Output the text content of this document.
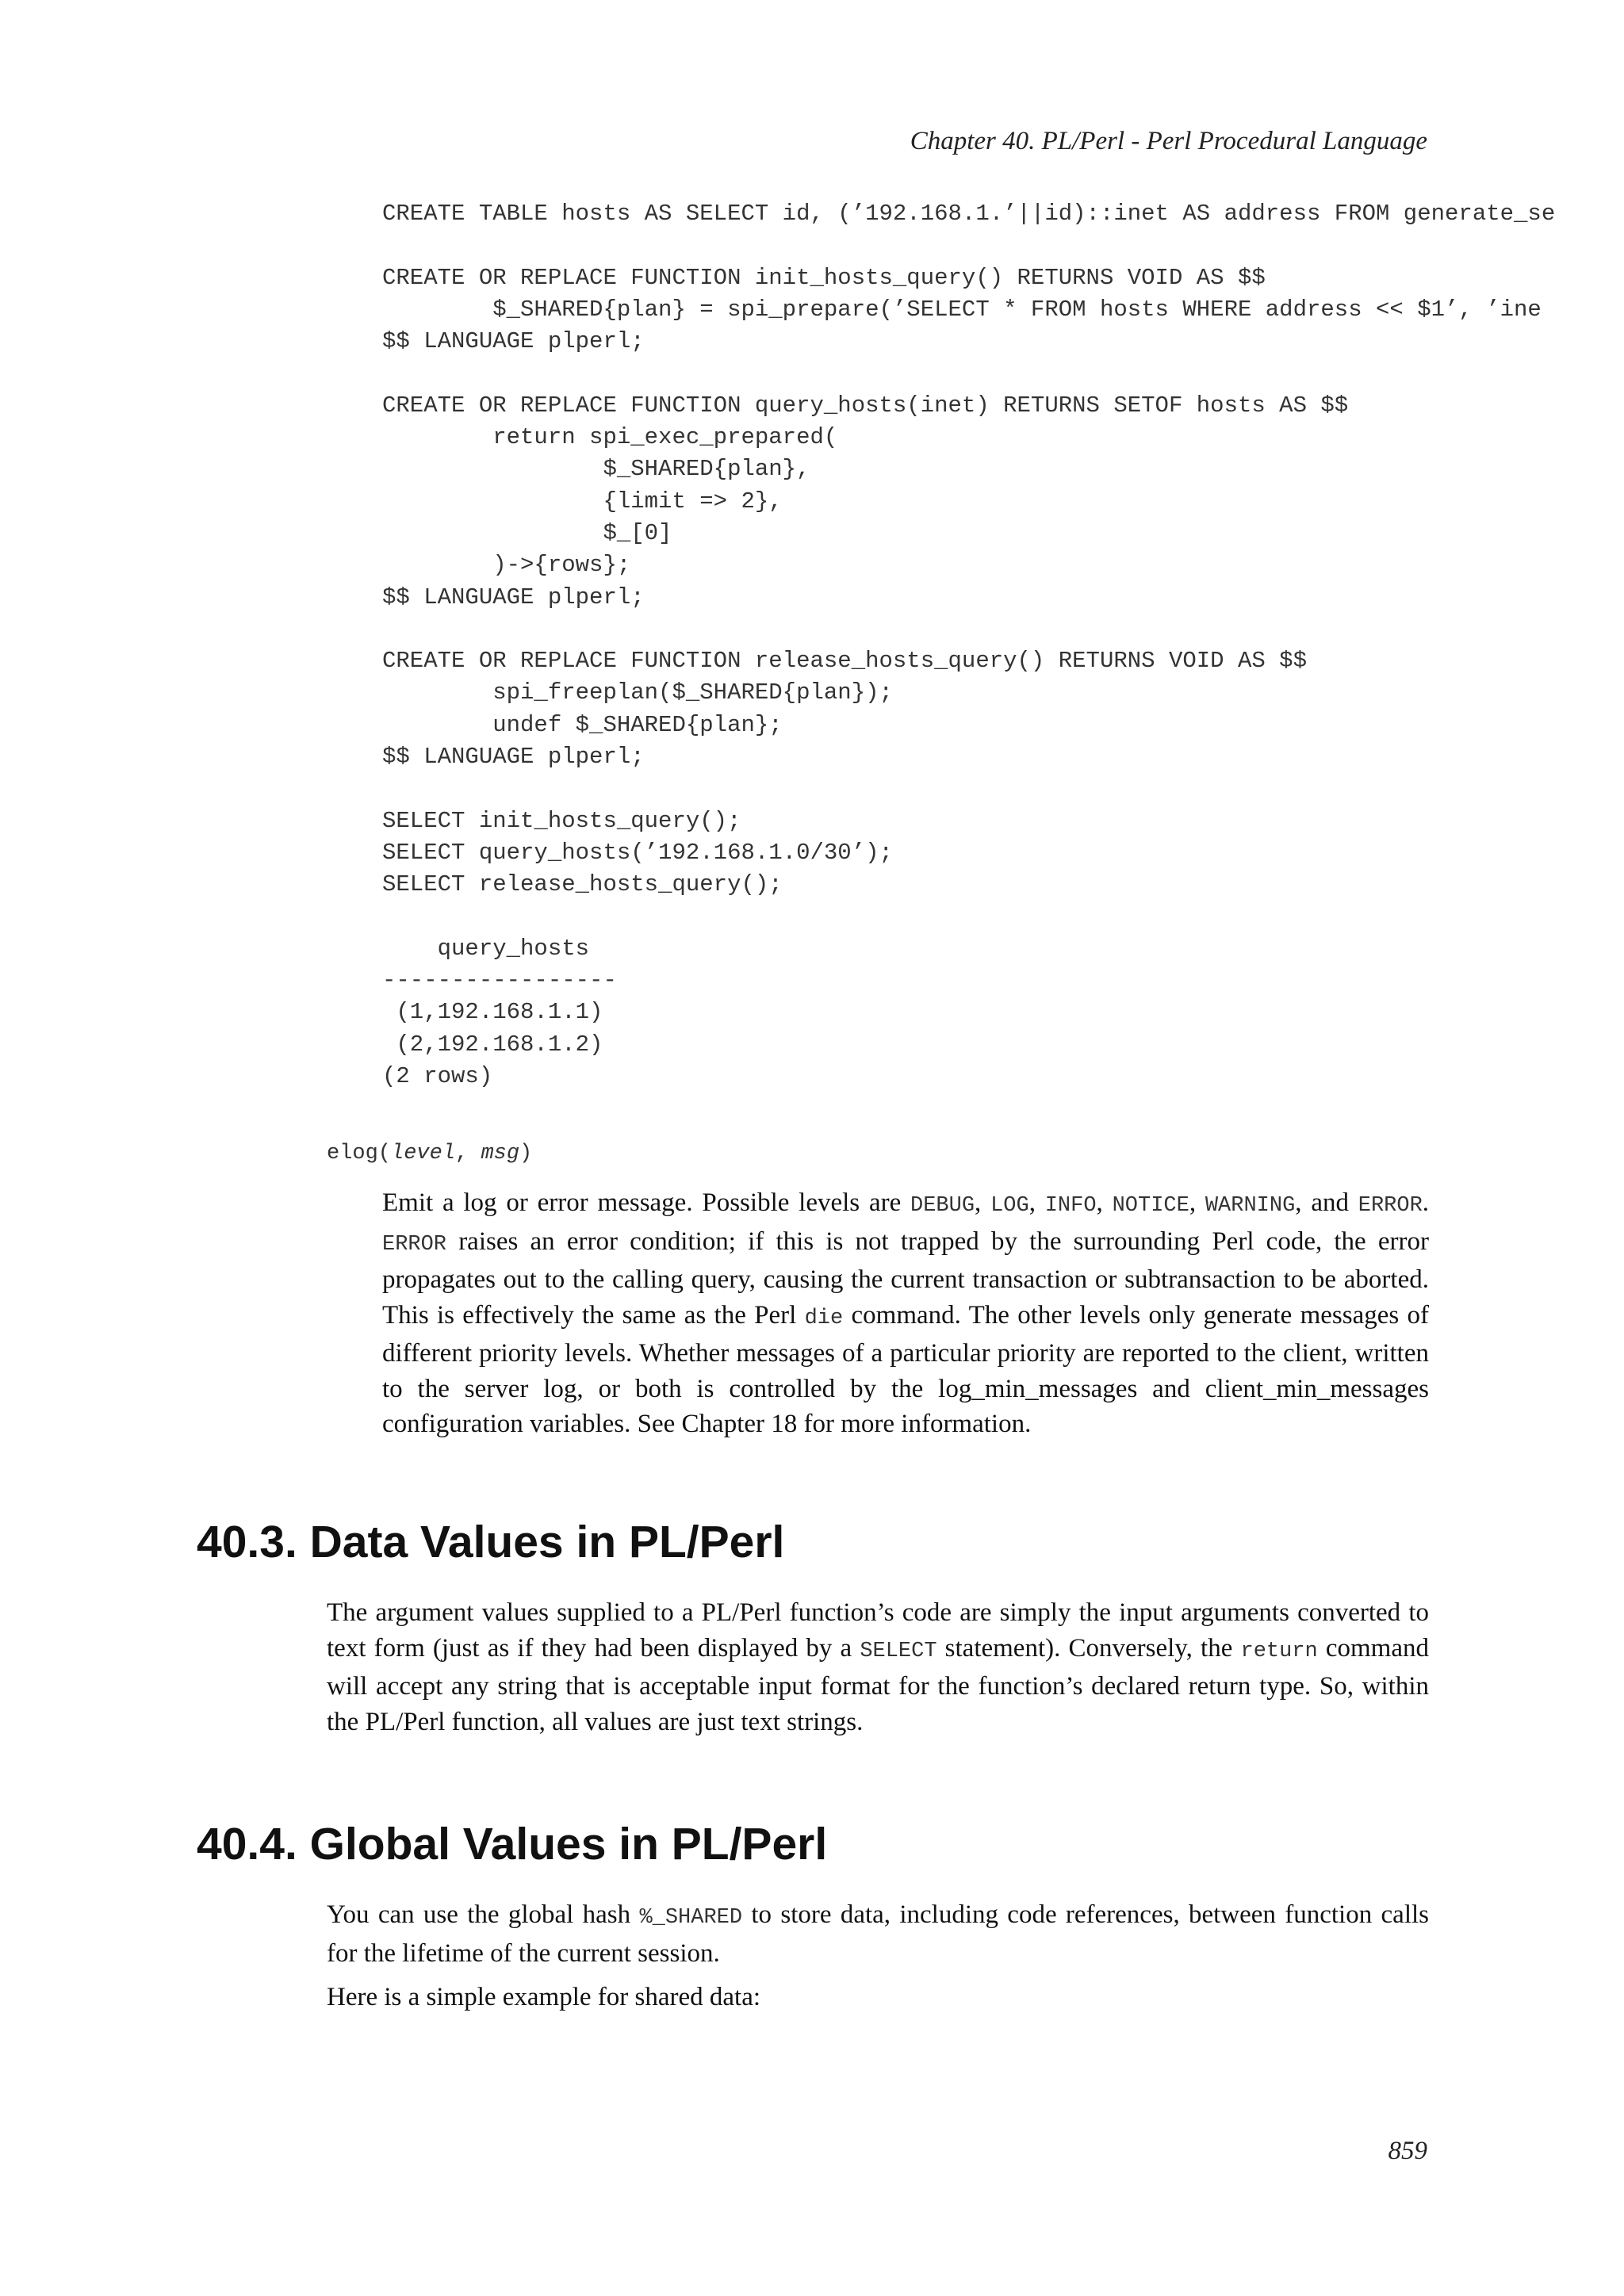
Chapter 40. PL/Perl - Perl Procedural Language
CREATE TABLE hosts AS SELECT id, (’192.168.1.’||id)::inet AS address FROM generate_se
CREATE OR REPLACE FUNCTION init_hosts_query() RETURNS VOID AS $$
$_SHARED{plan} = spi_prepare(’SELECT * FROM hosts WHERE address << $1’, ’ine
$$ LANGUAGE plperl;
CREATE OR REPLACE FUNCTION query_hosts(inet) RETURNS SETOF hosts AS $$
return spi_exec_prepared(
$_SHARED{plan},
{limit => 2},
$_[0]
)->{rows};
$$ LANGUAGE plperl;
CREATE OR REPLACE FUNCTION release_hosts_query() RETURNS VOID AS $$
spi_freeplan($_SHARED{plan});
undef $_SHARED{plan};
$$ LANGUAGE plperl;
SELECT init_hosts_query();
SELECT query_hosts(’192.168.1.0/30’);
SELECT release_hosts_query();
query_hosts
-----------------
(1,192.168.1.1)
(2,192.168.1.2)
(2 rows)
elog(level, msg)

Emit a log or error message. Possible levels are DEBUG, LOG, INFO, NOTICE, WARNING, and ERROR. ERROR raises an error condition; if this is not trapped by the surrounding Perl code, the error propagates out to the calling query, causing the current transaction or subtransaction to be aborted. This is effectively the same as the Perl die command. The other levels only generate messages of different priority levels. Whether messages of a particular priority are reported to the client, written to the server log, or both is controlled by the log_min_messages and client_min_messages configuration variables. See Chapter 18 for more information.

40.3. Data Values in PL/Perl

The argument values supplied to a PL/Perl function’s code are simply the input arguments converted to text form (just as if they had been displayed by a SELECT statement). Conversely, the return command will accept any string that is acceptable input format for the function’s declared return type. So, within the PL/Perl function, all values are just text strings.

40.4. Global Values in PL/Perl

You can use the global hash %_SHARED to store data, including code references, between function calls for the lifetime of the current session.

Here is a simple example for shared data:

859
